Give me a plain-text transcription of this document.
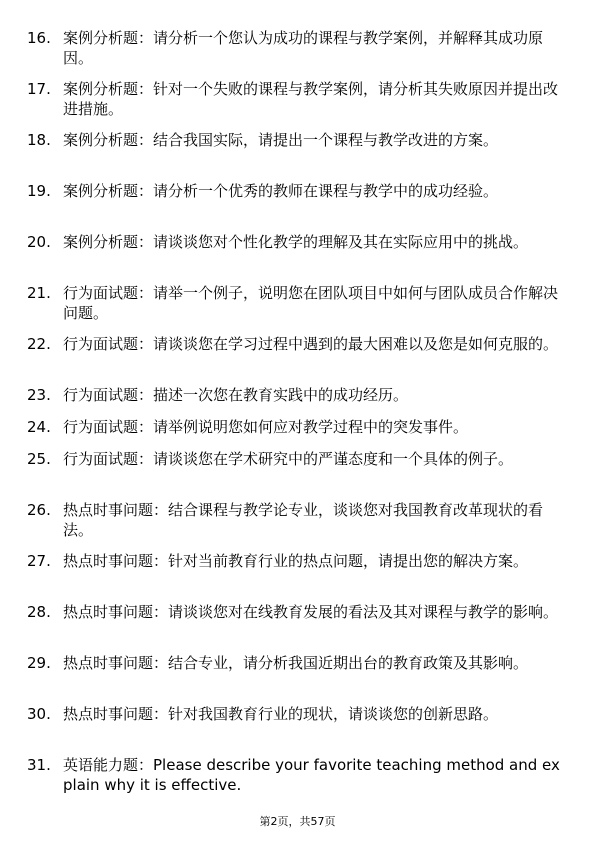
16. 案例分析题：请分析一个您认为成功的课程与教学案例，并解释其成功原因。
17. 案例分析题：针对一个失败的课程与教学案例，请分析其失败原因并提出改进措施。
18. 案例分析题：结合我国实际，请提出一个课程与教学改进的方案。
19. 案例分析题：请分析一个优秀的教师在课程与教学中的成功经验。
20. 案例分析题：请谈谈您对个性化教学的理解及其在实际应用中的挑战。
21. 行为面试题：请举一个例子，说明您在团队项目中如何与团队成员合作解决问题。
22. 行为面试题：请谈谈您在学习过程中遇到的最大困难以及您是如何克服的。
23. 行为面试题：描述一次您在教育实践中的成功经历。
24. 行为面试题：请举例说明您如何应对教学过程中的突发事件。
25. 行为面试题：请谈谈您在学术研究中的严谨态度和一个具体的例子。
26. 热点时事问题：结合课程与教学论专业，谈谈您对我国教育改革现状的看法。
27. 热点时事问题：针对当前教育行业的热点问题，请提出您的解决方案。
28. 热点时事问题：请谈谈您对在线教育发展的看法及其对课程与教学的影响。
29. 热点时事问题：结合专业，请分析我国近期出台的教育政策及其影响。
30. 热点时事问题：针对我国教育行业的现状，请谈谈您的创新思路。
31. 英语能力题：Please describe your favorite teaching method and explain why it is effective.
第2页，共57页
